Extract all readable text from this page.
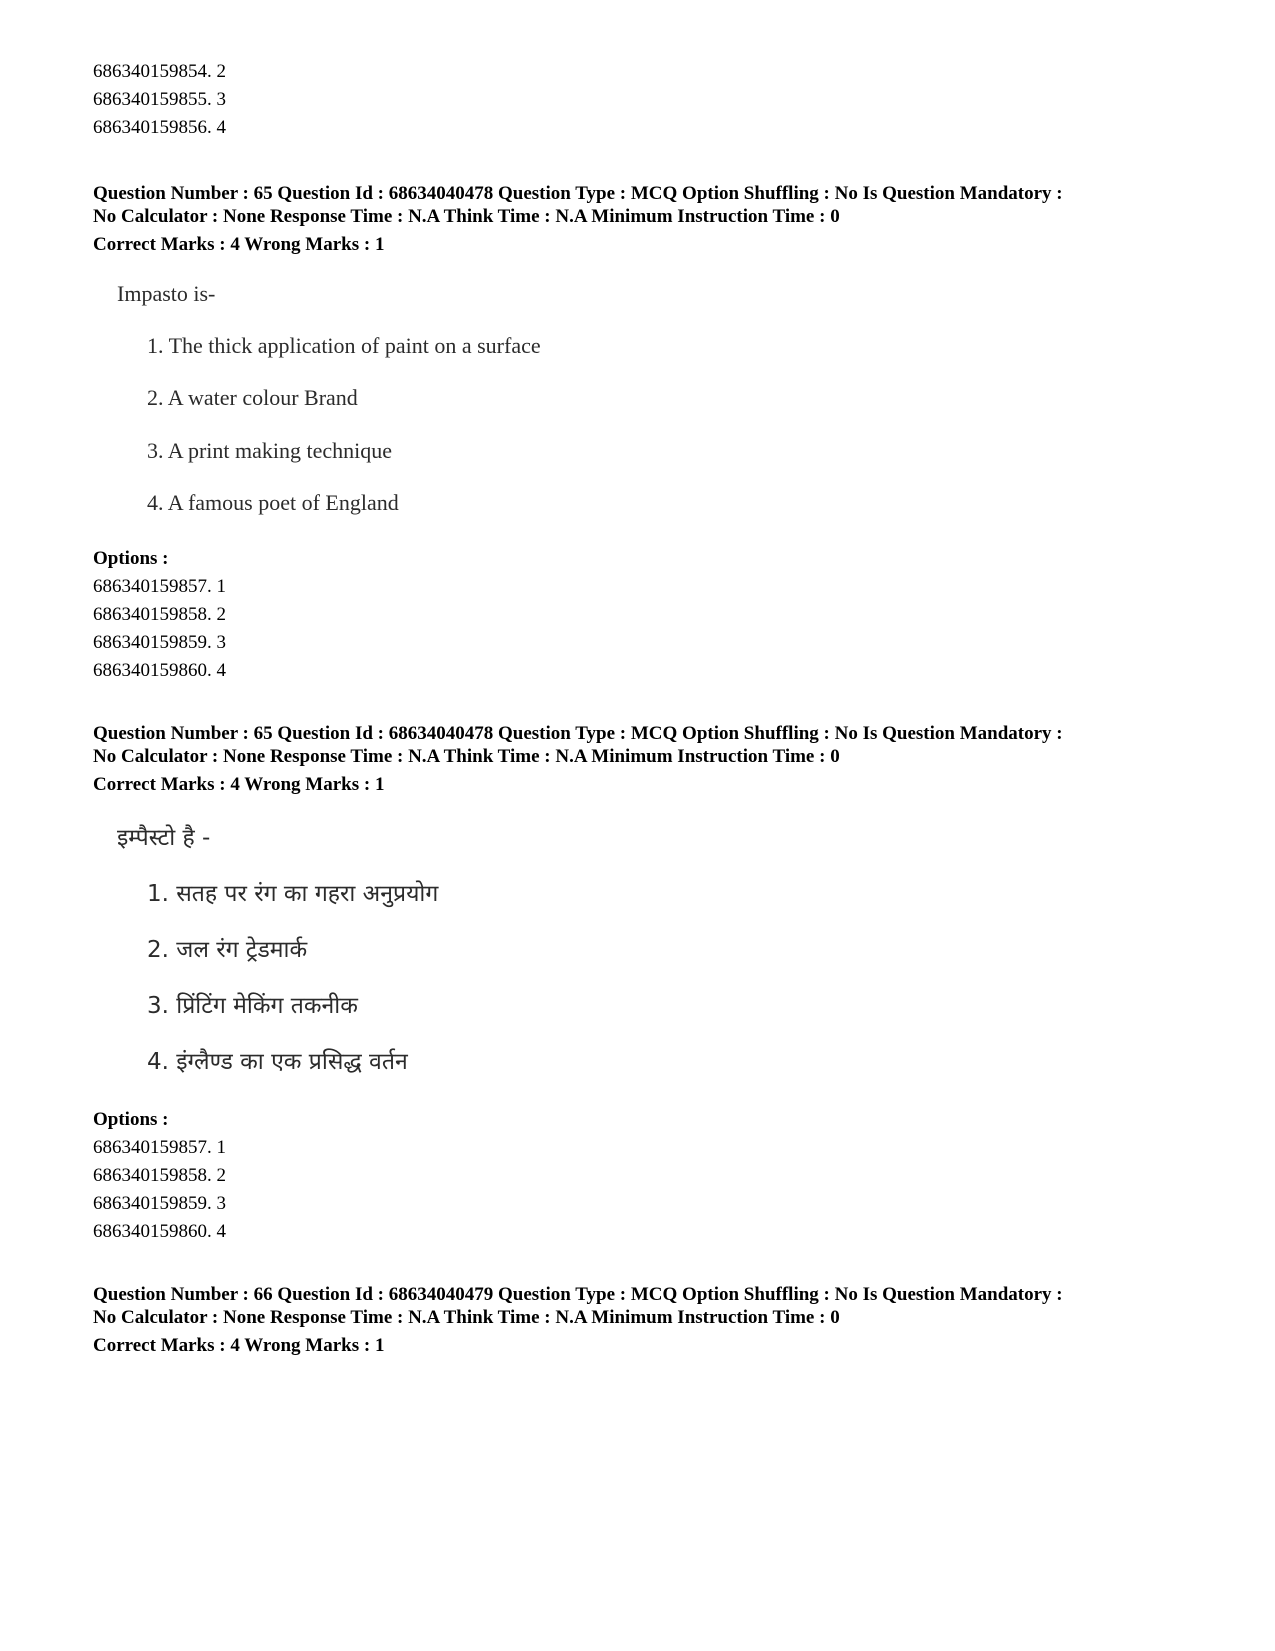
686340159854. 2
686340159855. 3
686340159856. 4
Question Number : 65 Question Id : 68634040478 Question Type : MCQ Option Shuffling : No Is Question Mandatory :
No Calculator : None Response Time : N.A Think Time : N.A Minimum Instruction Time : 0
Correct Marks : 4 Wrong Marks : 1
Impasto is-
1. The thick application of paint on a surface
2. A water colour Brand
3. A print making technique
4. A famous poet of England
Options :
686340159857. 1
686340159858. 2
686340159859. 3
686340159860. 4
Question Number : 65 Question Id : 68634040478 Question Type : MCQ Option Shuffling : No Is Question Mandatory :
No Calculator : None Response Time : N.A Think Time : N.A Minimum Instruction Time : 0
Correct Marks : 4 Wrong Marks : 1
इम्पैस्टो है -
1. सतह पर रंग का गहरा अनुप्रयोग
2. जल रंग ट्रेडमार्क
3. प्रिंटिंग मेकिंग तकनीक
4. इंग्लैण्ड का एक प्रसिद्ध वर्तन
Options :
686340159857. 1
686340159858. 2
686340159859. 3
686340159860. 4
Question Number : 66 Question Id : 68634040479 Question Type : MCQ Option Shuffling : No Is Question Mandatory :
No Calculator : None Response Time : N.A Think Time : N.A Minimum Instruction Time : 0
Correct Marks : 4 Wrong Marks : 1
